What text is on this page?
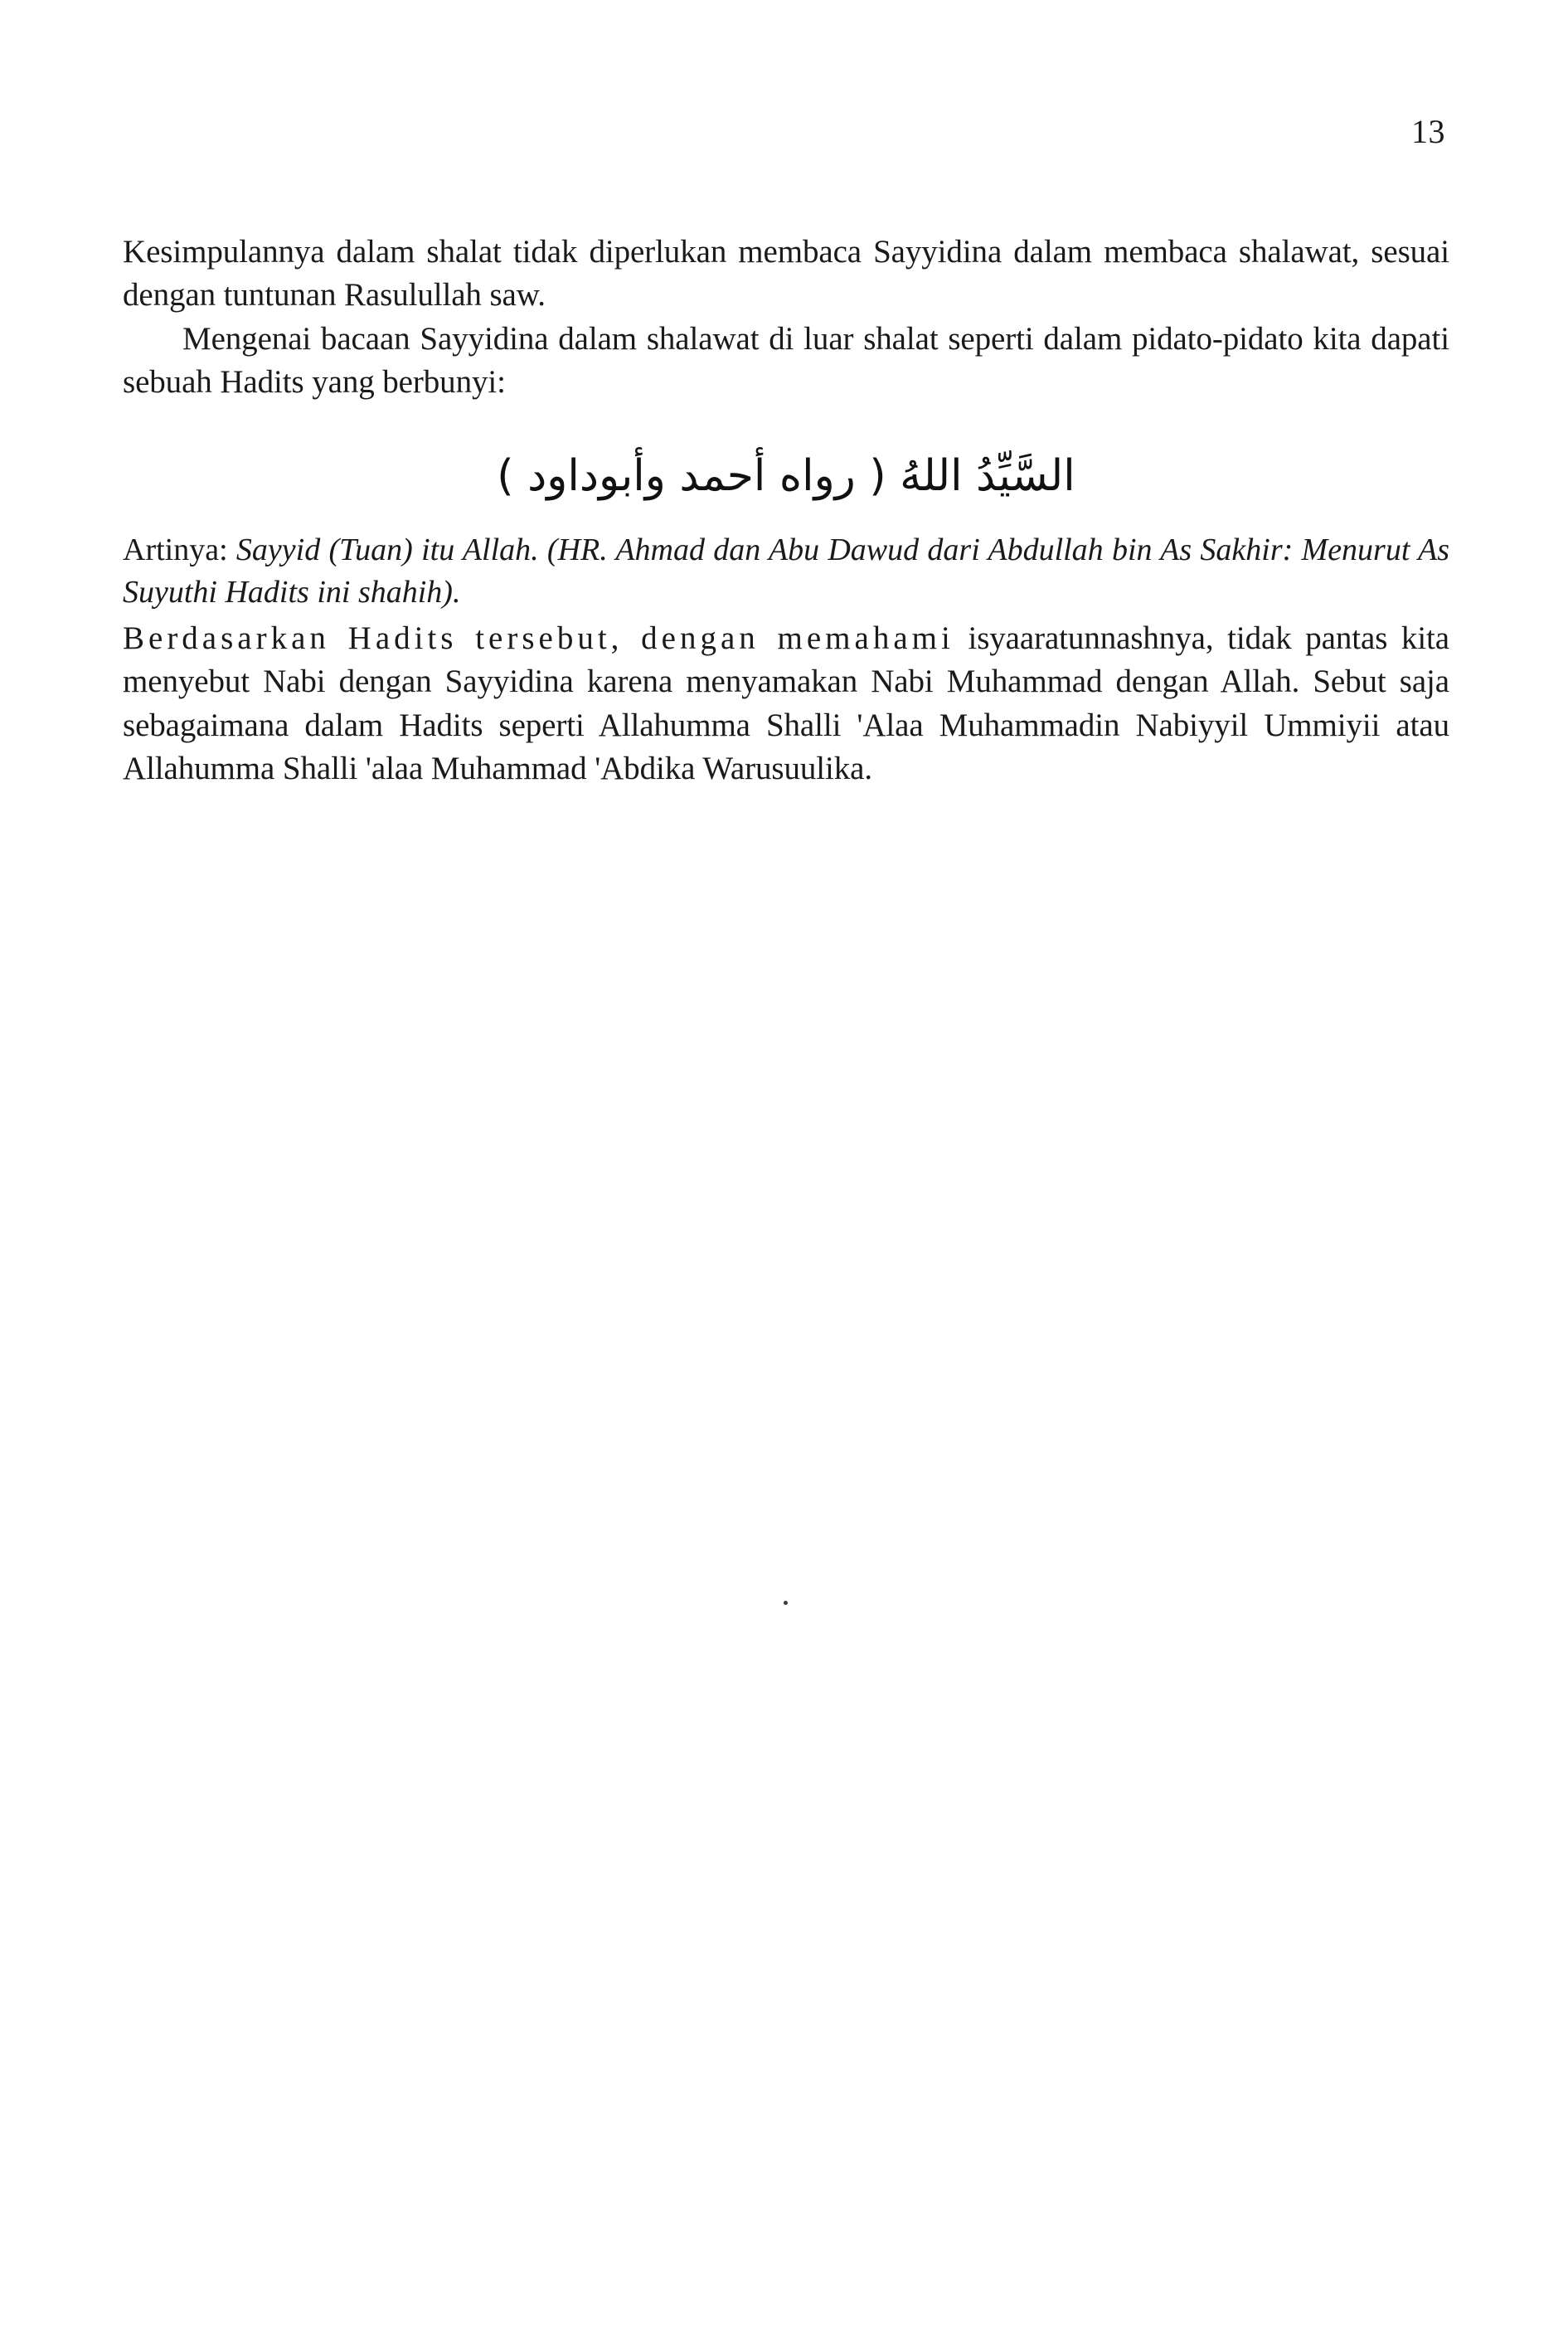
13

Kesimpulannya dalam shalat tidak diperlukan membaca Sayyidina dalam membaca shalawat, sesuai dengan tuntunan Rasulullah saw.

Mengenai bacaan Sayyidina dalam shalawat di luar shalat seperti dalam pidato-pidato kita dapati sebuah Hadits yang berbunyi:

السَّيِّدُ اللهُ ( رواه أحمد وأبوداود )

Artinya: Sayyid (Tuan) itu Allah. (HR. Ahmad dan Abu Dawud dari Abdullah bin As Sakhir: Menurut As Suyuthi Hadits ini shahih).

Berdasarkan Hadits tersebut, dengan memahami isyaaratunnashnya, tidak pantas kita menyebut Nabi dengan Sayyidina karena menyamakan Nabi Muhammad dengan Allah. Sebut saja sebagaimana dalam Hadits seperti Allahumma Shalli 'Alaa Muhammadin Nabiyyil Ummiyii atau Allahumma Shalli 'alaa Muhammad 'Abdika Warusuulika.
